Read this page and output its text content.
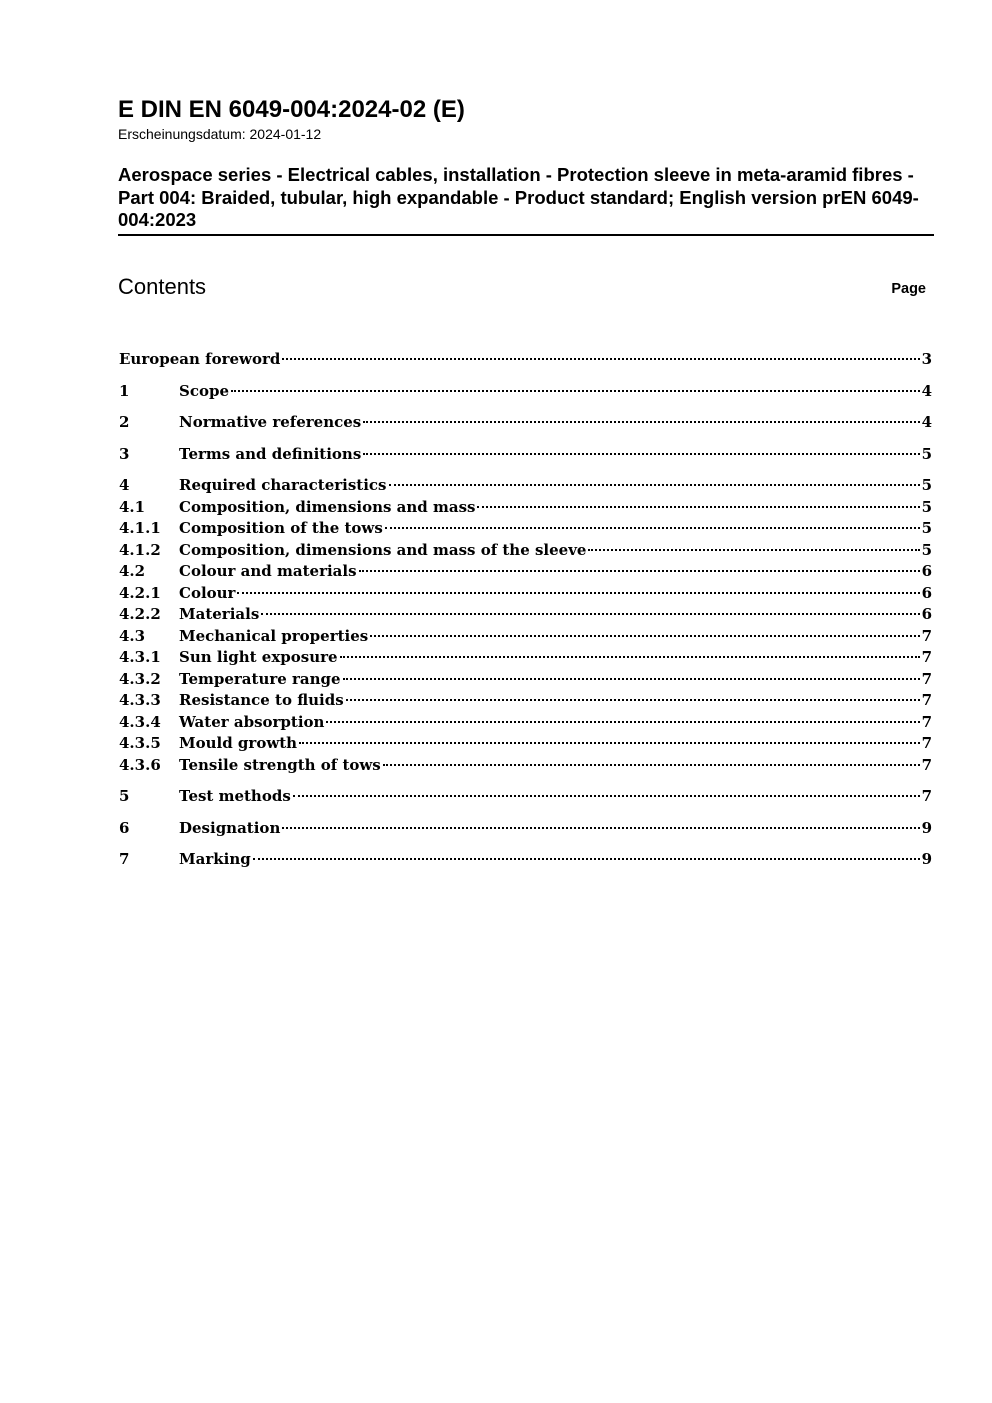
E DIN EN 6049-004:2024-02 (E)

Erscheinungsdatum: 2024-01-12

Aerospace series - Electrical cables, installation - Protection sleeve in meta-aramid fibres - Part 004: Braided, tubular, high expandable - Product standard; English version prEN 6049-004:2023
Contents	Page
European foreword	3
1	Scope	4
2	Normative references	4
3	Terms and definitions	5
4	Required characteristics	5
4.1	Composition, dimensions and mass	5
4.1.1	Composition of the tows	5
4.1.2	Composition, dimensions and mass of the sleeve	5
4.2	Colour and materials	6
4.2.1	Colour	6
4.2.2	Materials	6
4.3	Mechanical properties	7
4.3.1	Sun light exposure	7
4.3.2	Temperature range	7
4.3.3	Resistance to fluids	7
4.3.4	Water absorption	7
4.3.5	Mould growth	7
4.3.6	Tensile strength of tows	7
5	Test methods	7
6	Designation	9
7	Marking	9
